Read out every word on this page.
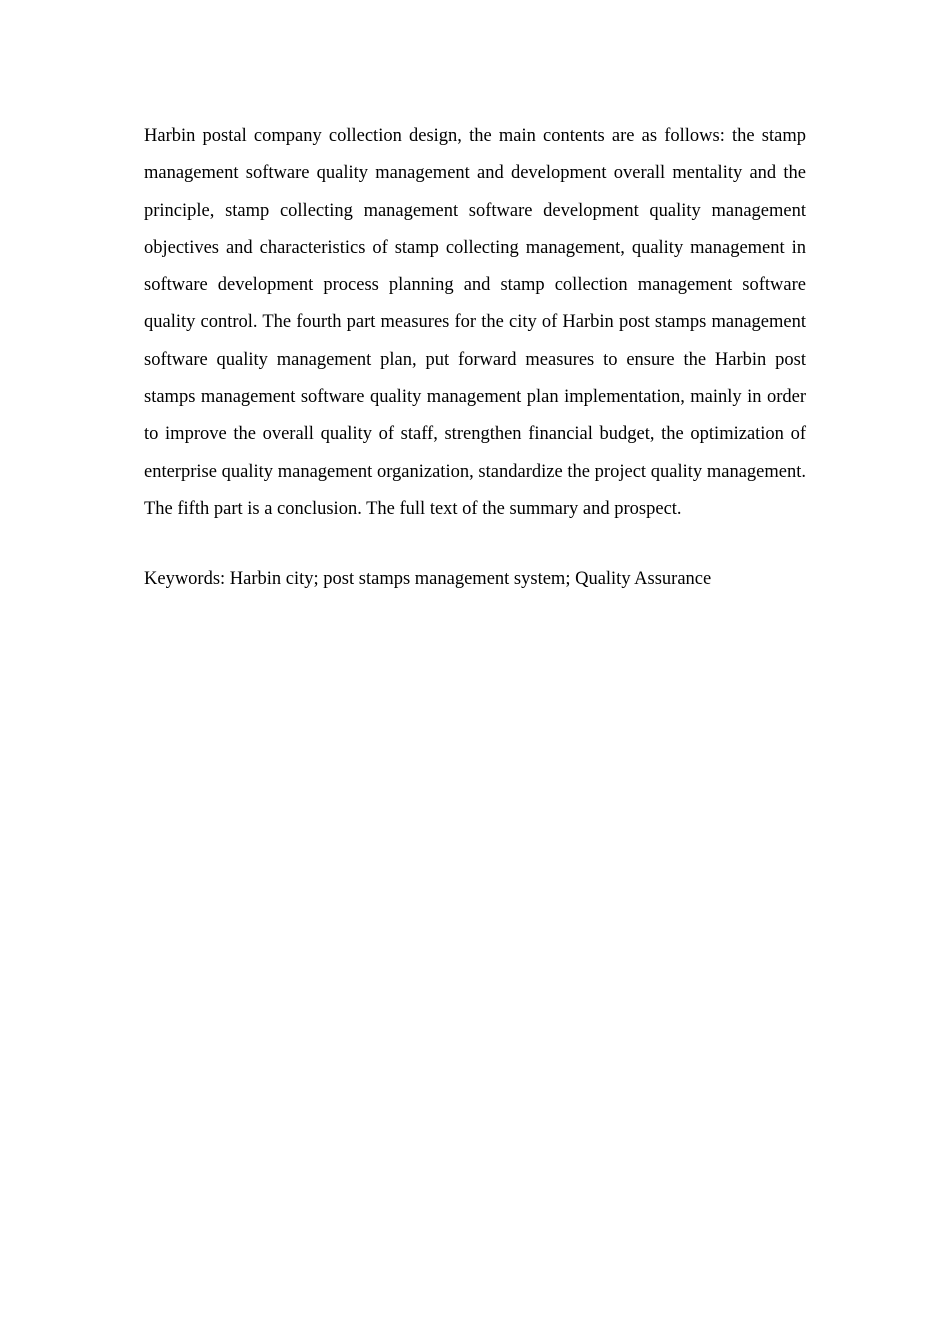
Harbin postal company collection design, the main contents are as follows: the stamp management software quality management and development overall mentality and the principle, stamp collecting management software development quality management objectives and characteristics of stamp collecting management, quality management in software development process planning and stamp collection management software quality control. The fourth part measures for the city of Harbin post stamps management software quality management plan, put forward measures to ensure the Harbin post stamps management software quality management plan implementation, mainly in order to improve the overall quality of staff, strengthen financial budget, the optimization of enterprise quality management organization, standardize the project quality management. The fifth part is a conclusion. The full text of the summary and prospect.

Keywords: Harbin city; post stamps management system; Quality Assurance
